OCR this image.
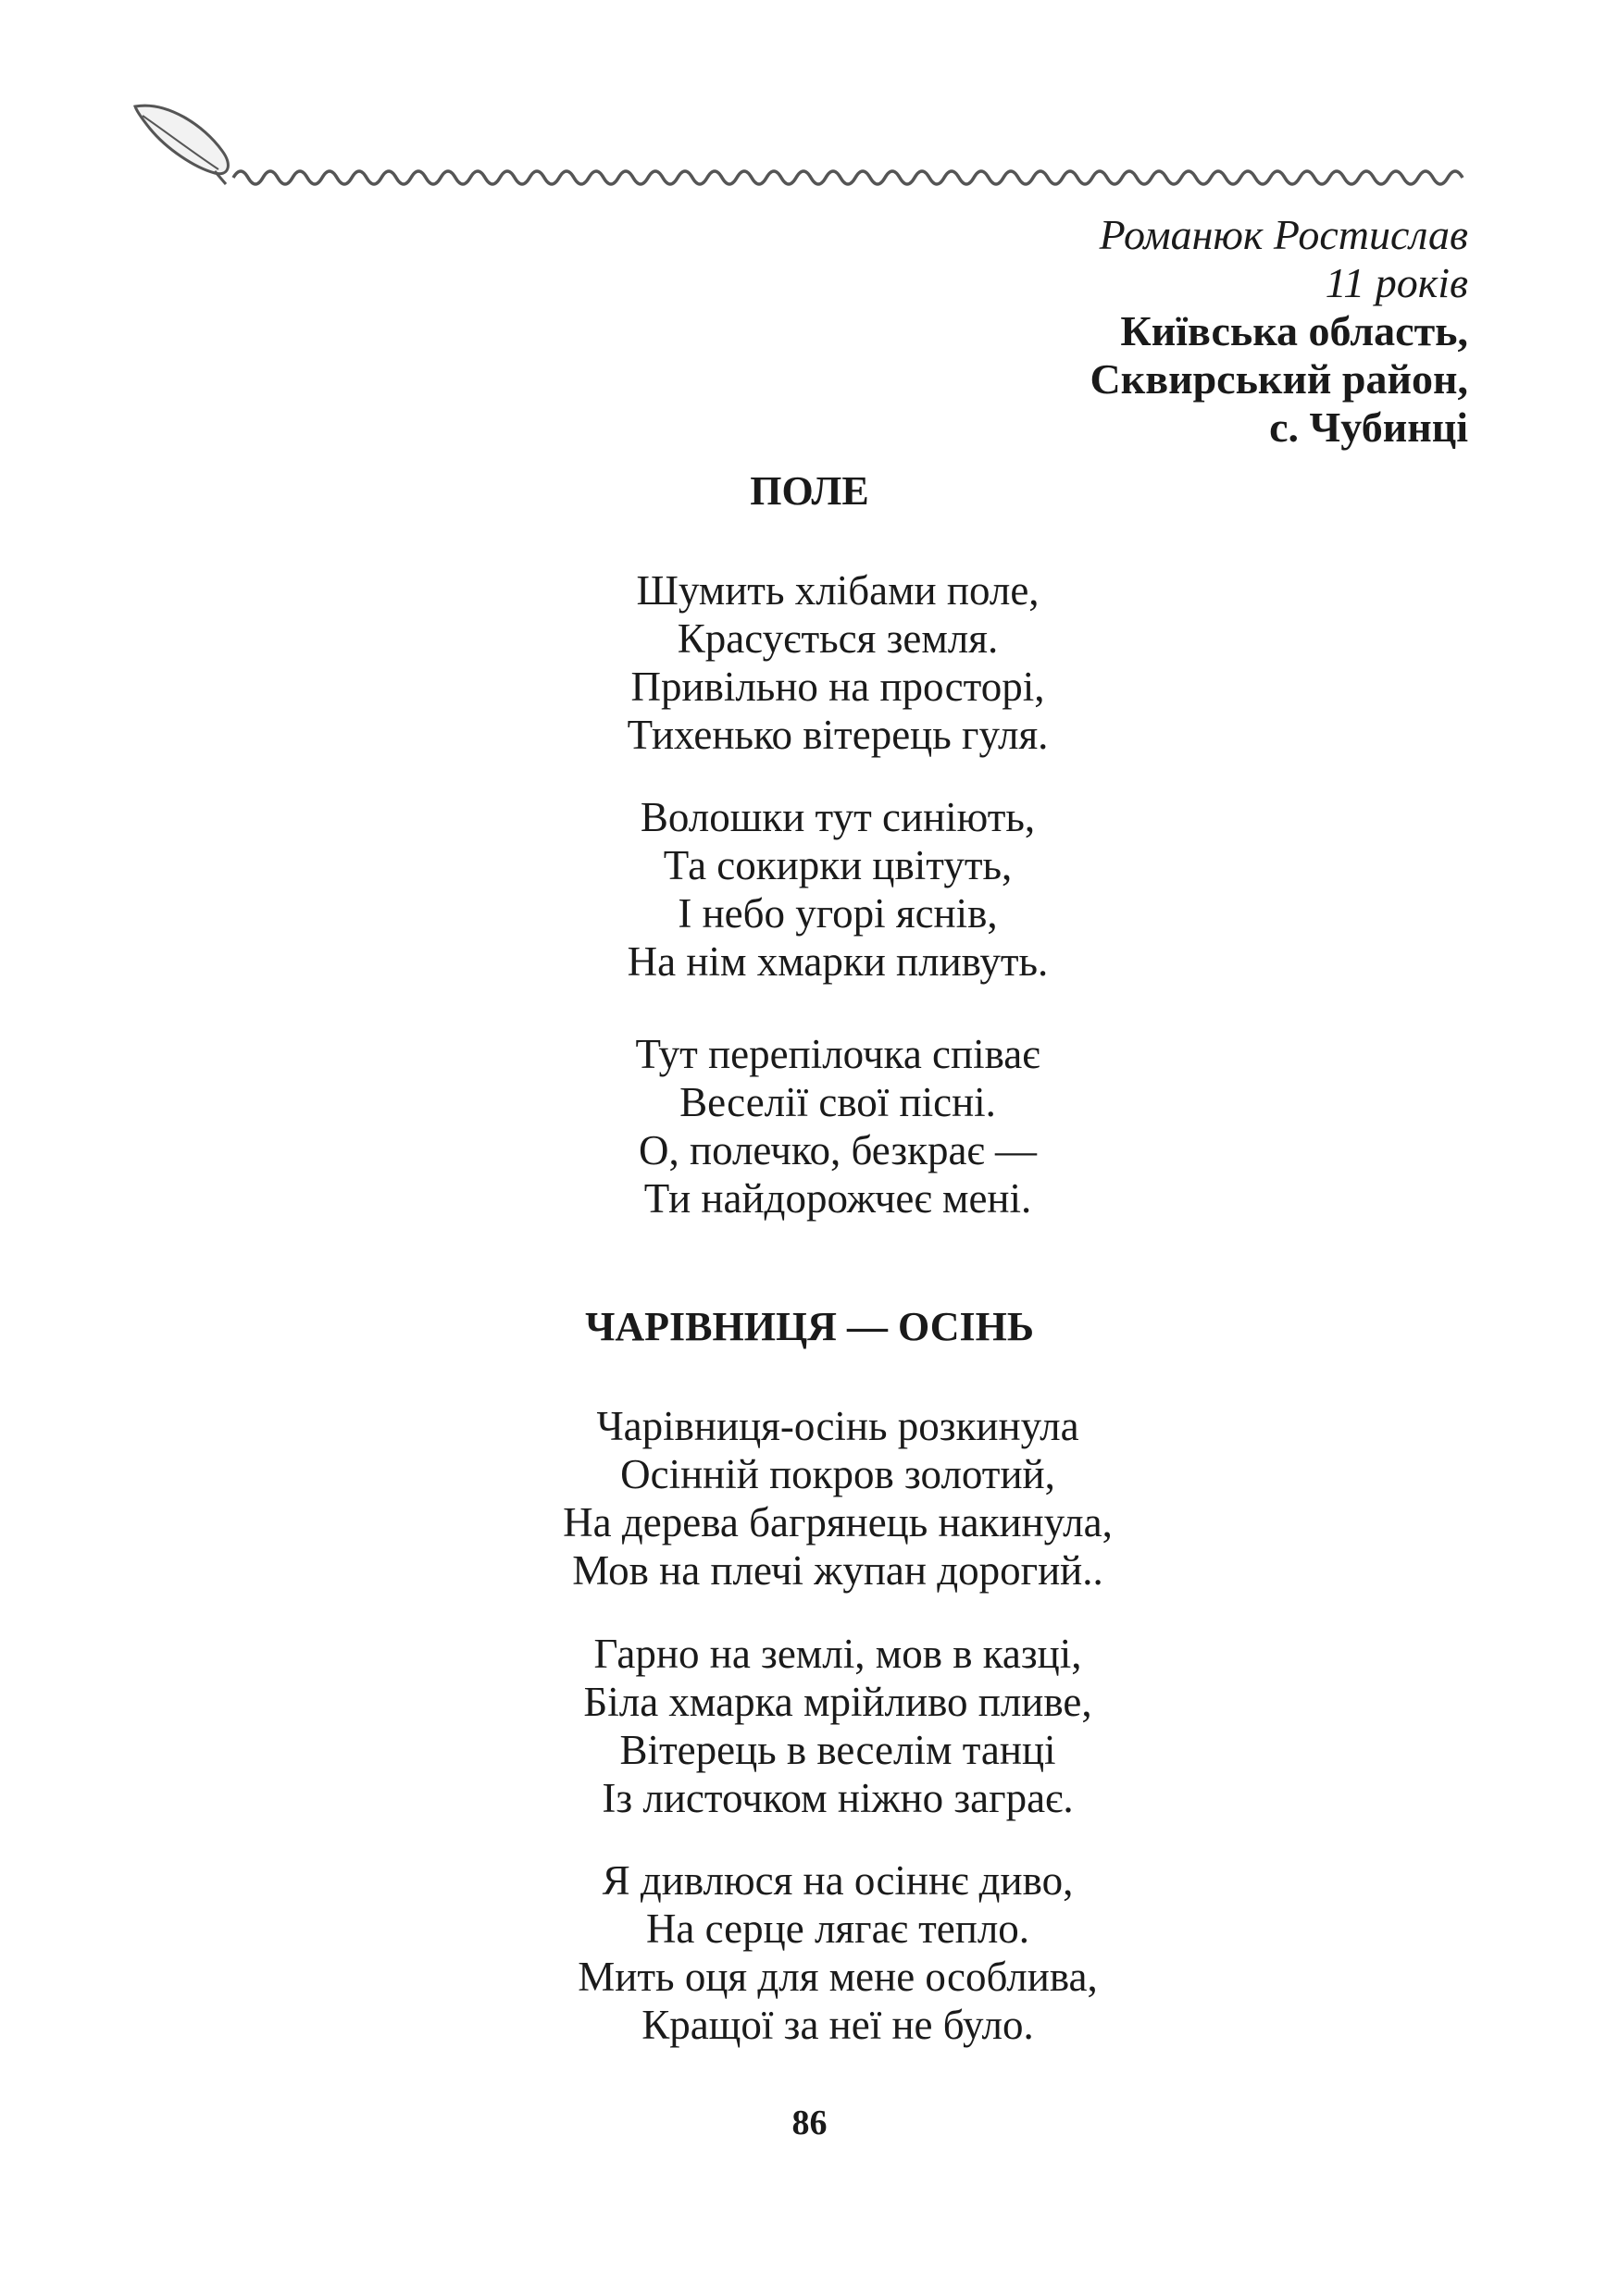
Романюк Ростислав
11 років
Київська область,
Сквирський район,
с. Чубинці
ПОЛЕ
Шумить хлібами поле,
Красується земля.
Привільно на просторі,
Тихенько вітерець гуля.
Волошки тут синіють,
Та сокирки цвітуть,
І небо угорі яснів,
На нім хмарки пливуть.
Тут перепілочка співає
Веселії свої пісні.
О, полечко, безкрає —
Ти найдорожчеє мені.
ЧАРІВНИЦЯ — ОСІНЬ
Чарівниця-осінь розкинула
Осінній покров золотий,
На дерева багрянець накинула,
Мов на плечі жупан дорогий..
Гарно на землі, мов в казці,
Біла хмарка мрійливо пливе,
Вітерець в веселім танці
Із листочком ніжно заграє.
Я дивлюся на осіннє диво,
На серце лягає тепло.
Мить оця для мене особлива,
Кращої за неї не було.
86
